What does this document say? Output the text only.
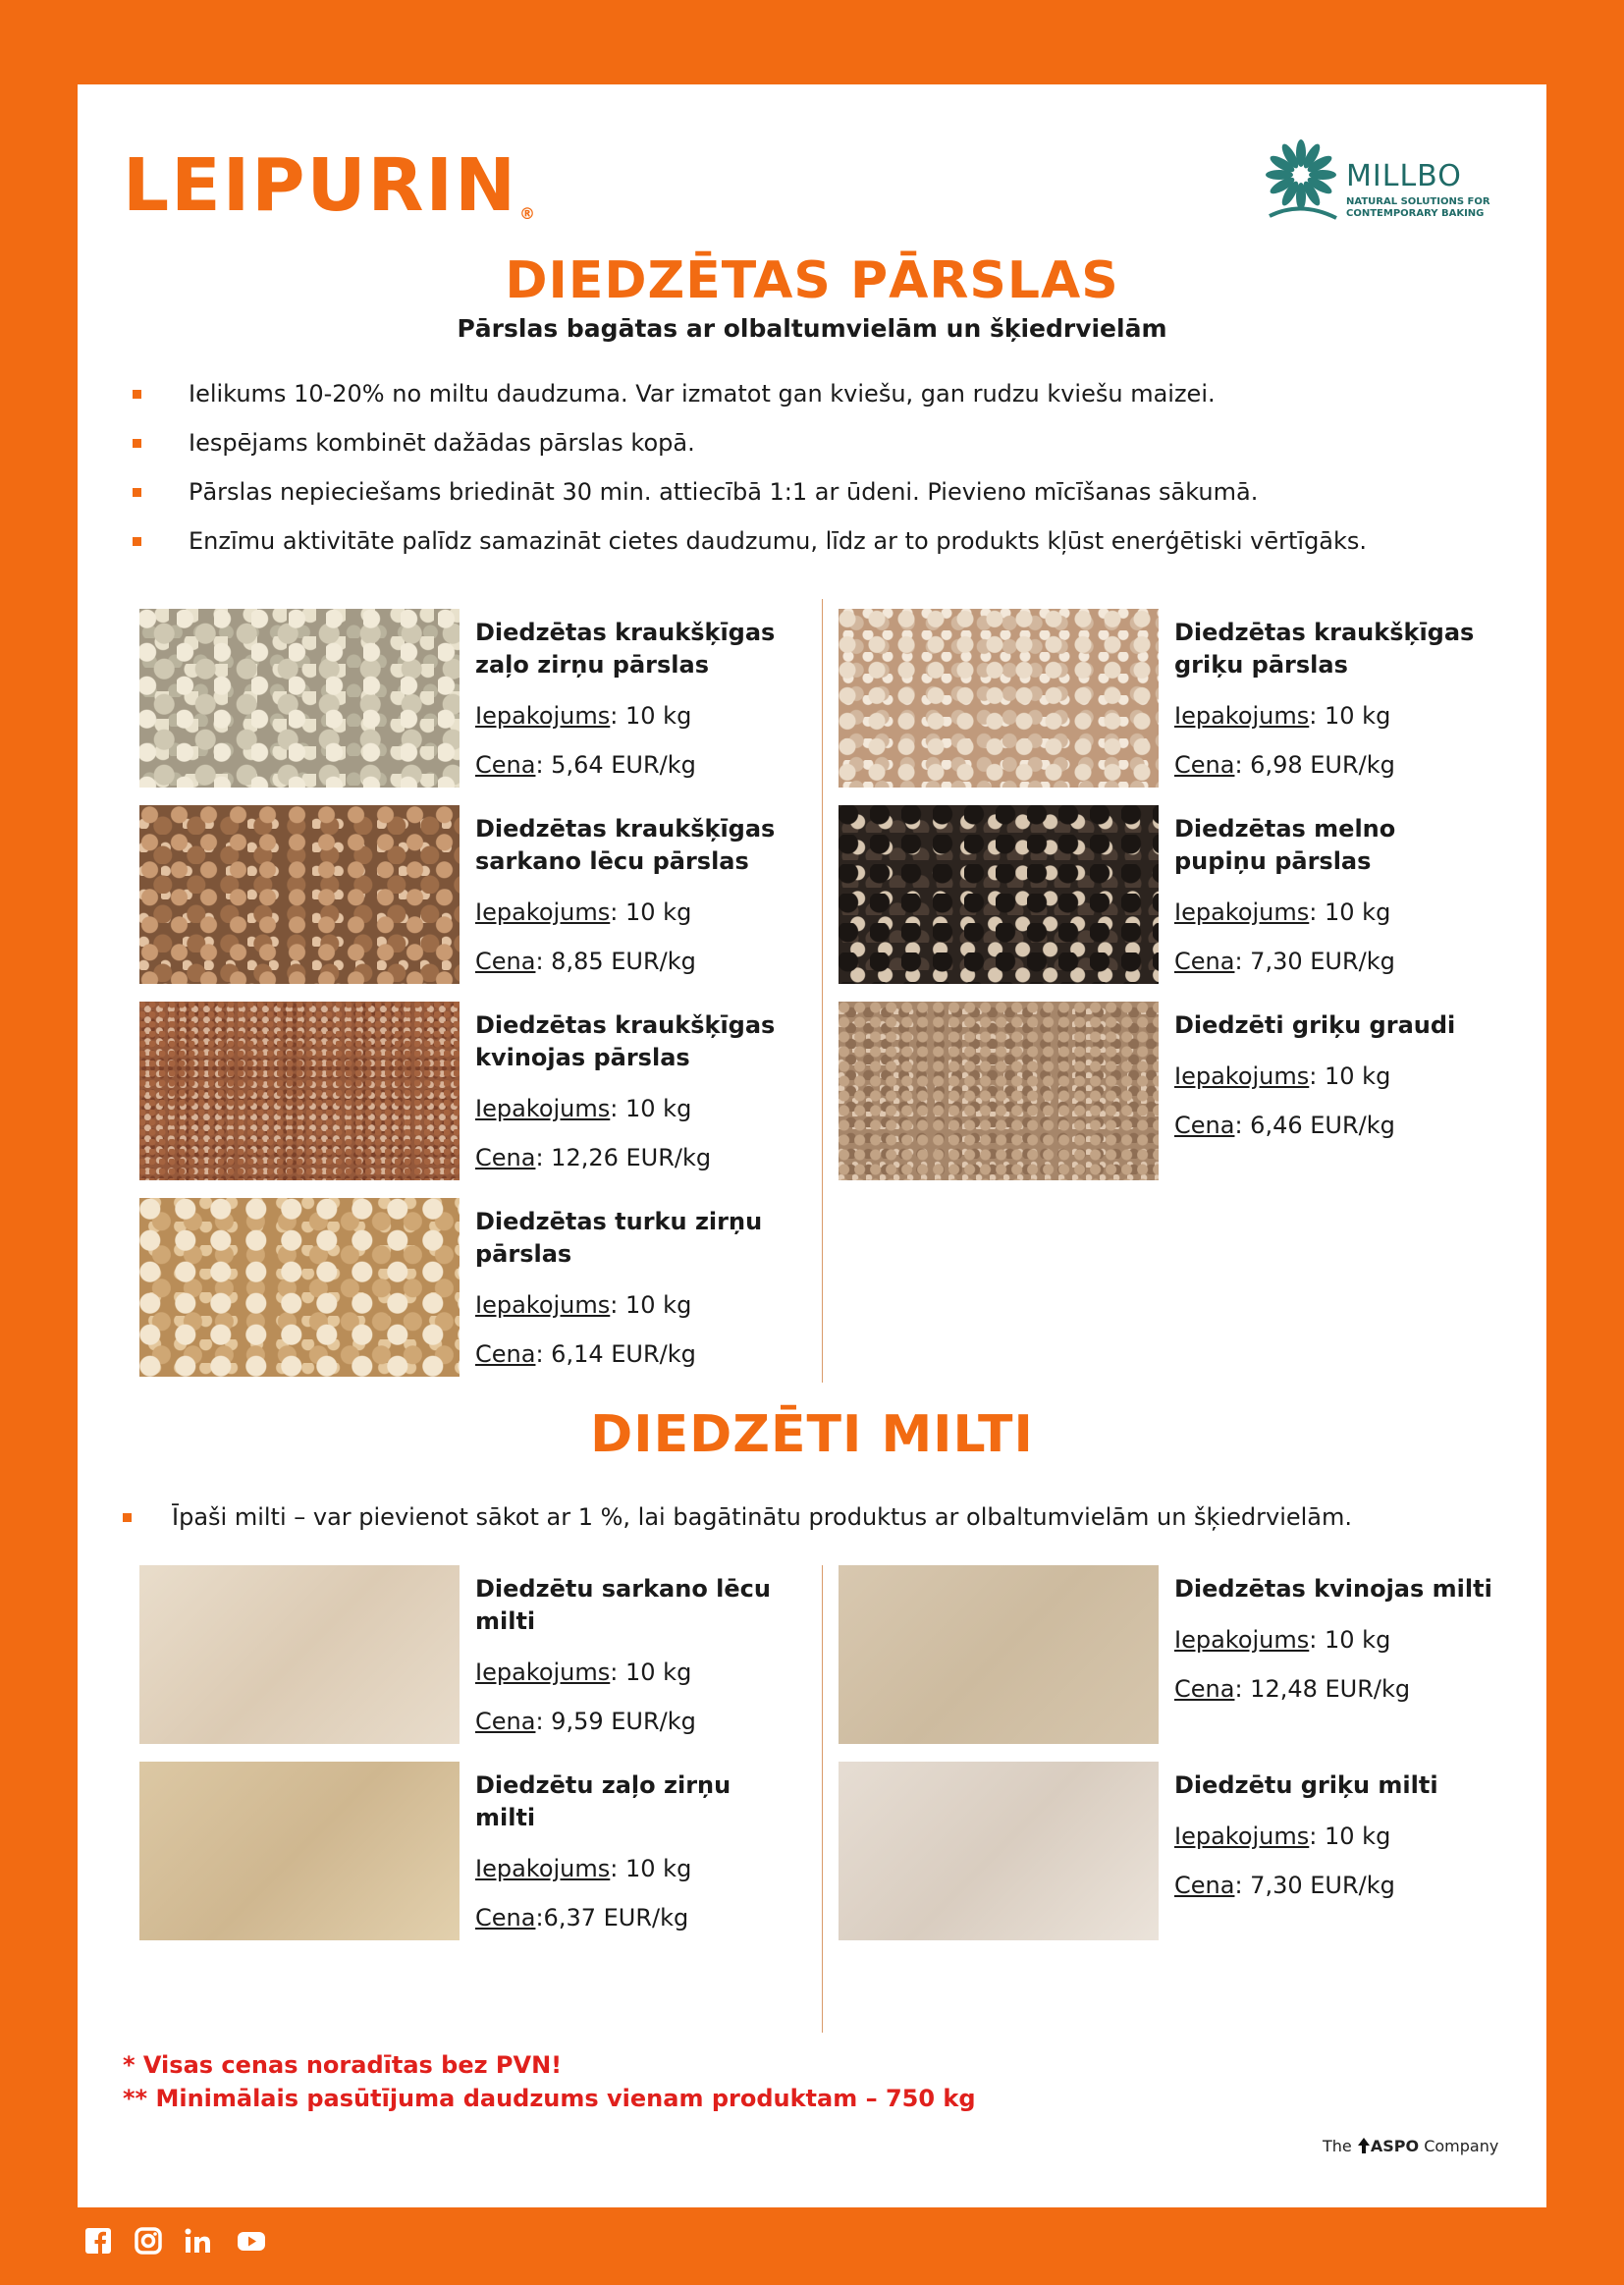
LEIPURIN ®
MILLBO
NATURAL SOLUTIONS FOR CONTEMPORARY BAKING
DIEDZĒTAS PĀRSLAS
Pārslas bagātas ar olbaltumvielām un šķiedrvielām
Ielikums 10-20% no miltu daudzuma. Var izmatot gan kviešu, gan rudzu kviešu maizei.
Iespējams kombinēt dažādas pārslas kopā.
Pārslas nepieciešams briedināt 30 min. attiecībā 1:1 ar ūdeni. Pievieno mīcīšanas sākumā.
Enzīmu aktivitāte palīdz samazināt cietes daudzumu, līdz ar to produkts kļūst enerģētiski vērtīgāks.
Diedzētas kraukšķīgas
zaļo zirņu pārslas
Iepakojums: 10 kg
Cena: 5,64 EUR/kg
Diedzētas kraukšķīgas
griķu pārslas
Iepakojums: 10 kg
Cena: 6,98 EUR/kg
Diedzētas kraukšķīgas
sarkano lēcu pārslas
Iepakojums: 10 kg
Cena: 8,85 EUR/kg
Diedzētas melno
pupiņu pārslas
Iepakojums: 10 kg
Cena: 7,30 EUR/kg
Diedzētas kraukšķīgas
kvinojas pārslas
Iepakojums: 10 kg
Cena: 12,26 EUR/kg
Diedzēti griķu graudi
Iepakojums: 10 kg
Cena: 6,46 EUR/kg
Diedzētas turku zirņu
pārslas
Iepakojums: 10 kg
Cena: 6,14 EUR/kg
DIEDZĒTI MILTI
Īpaši milti – var pievienot sākot ar 1 %, lai bagātinātu produktus ar olbaltumvielām un šķiedrvielām.
Diedzētu sarkano lēcu
milti
Iepakojums: 10 kg
Cena: 9,59 EUR/kg
Diedzētas kvinojas milti
Iepakojums: 10 kg
Cena: 12,48 EUR/kg
Diedzētu zaļo zirņu
milti
Iepakojums: 10 kg
Cena:6,37 EUR/kg
Diedzētu griķu milti
Iepakojums: 10 kg
Cena: 7,30 EUR/kg
* Visas cenas noradītas bez PVN!
** Minimālais pasūtījuma daudzums vienam produktam – 750 kg
The ASPO Company
